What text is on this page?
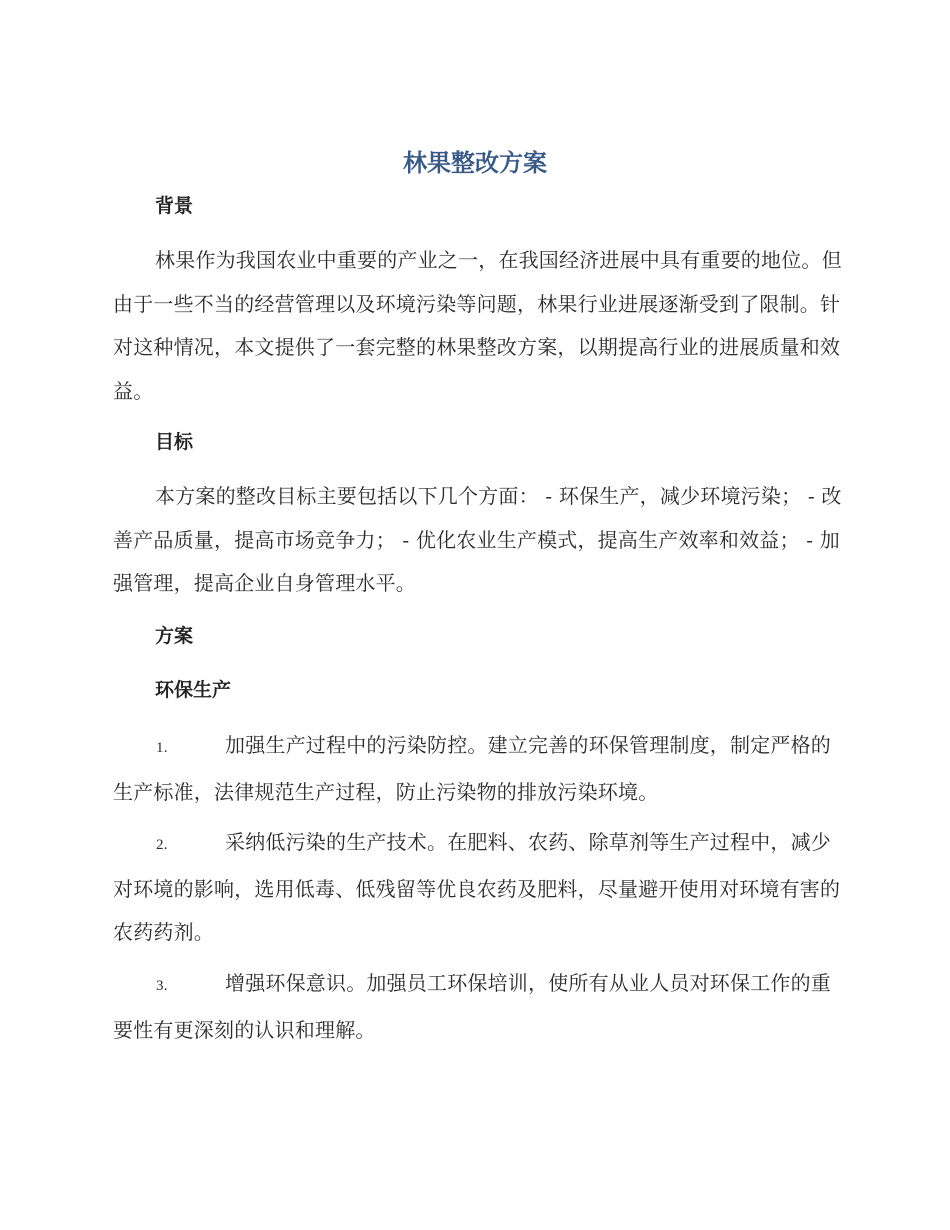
林果整改方案
背景

林果作为我国农业中重要的产业之一，在我国经济进展中具有重要的地位。但由于一些不当的经营管理以及环境污染等问题，林果行业进展逐渐受到了限制。针对这种情况，本文提供了一套完整的林果整改方案，以期提高行业的进展质量和效益。

目标

本方案的整改目标主要包括以下几个方面： - 环保生产，减少环境污染； - 改善产品质量，提高市场竞争力； - 优化农业生产模式，提高生产效率和效益； - 加强管理，提高企业自身管理水平。

方案
环保生产

1.	加强生产过程中的污染防控。建立完善的环保管理制度，制定严格的生产标准，法律规范生产过程，防止污染物的排放污染环境。

2.	采纳低污染的生产技术。在肥料、农药、除草剂等生产过程中，减少对环境的影响，选用低毒、低残留等优良农药及肥料，尽量避开使用对环境有害的农药药剂。

3.	增强环保意识。加强员工环保培训，使所有从业人员对环保工作的重要性有更深刻的认识和理解。
